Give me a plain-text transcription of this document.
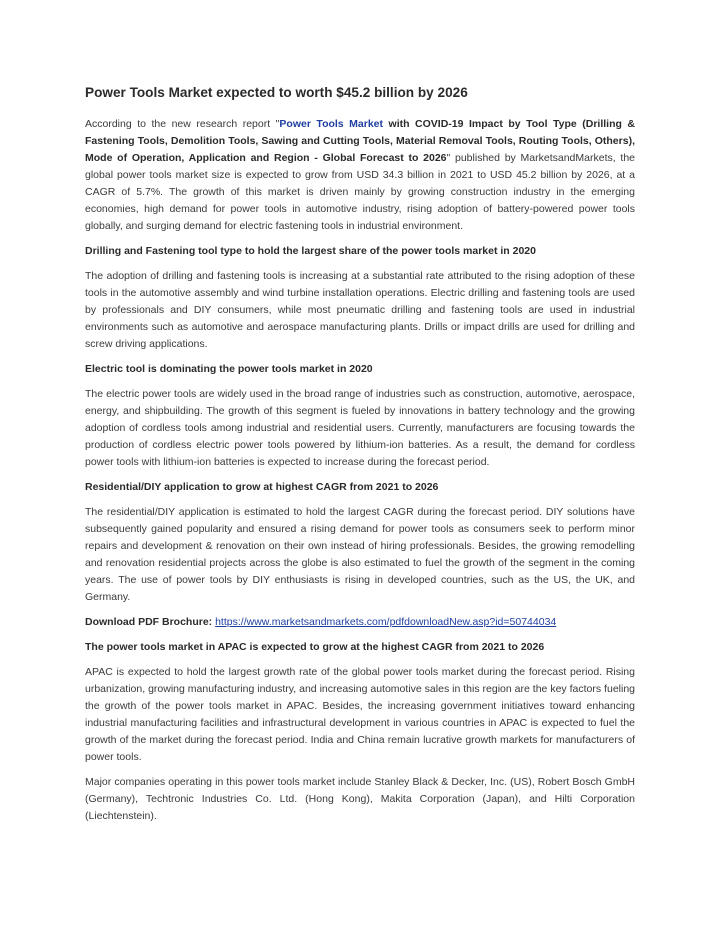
Power Tools Market expected to worth $45.2 billion by 2026

According to the new research report "Power Tools Market with COVID-19 Impact by Tool Type (Drilling & Fastening Tools, Demolition Tools, Sawing and Cutting Tools, Material Removal Tools, Routing Tools, Others), Mode of Operation, Application and Region - Global Forecast to 2026" published by MarketsandMarkets, the global power tools market size is expected to grow from USD 34.3 billion in 2021 to USD 45.2 billion by 2026, at a CAGR of 5.7%. The growth of this market is driven mainly by growing construction industry in the emerging economies, high demand for power tools in automotive industry, rising adoption of battery-powered power tools globally, and surging demand for electric fastening tools in industrial environment.

Drilling and Fastening tool type to hold the largest share of the power tools market in 2020

The adoption of drilling and fastening tools is increasing at a substantial rate attributed to the rising adoption of these tools in the automotive assembly and wind turbine installation operations. Electric drilling and fastening tools are used by professionals and DIY consumers, while most pneumatic drilling and fastening tools are used in industrial environments such as automotive and aerospace manufacturing plants. Drills or impact drills are used for drilling and screw driving applications.

Electric tool is dominating the power tools market in 2020

The electric power tools are widely used in the broad range of industries such as construction, automotive, aerospace, energy, and shipbuilding. The growth of this segment is fueled by innovations in battery technology and the growing adoption of cordless tools among industrial and residential users. Currently, manufacturers are focusing towards the production of cordless electric power tools powered by lithium-ion batteries. As a result, the demand for cordless power tools with lithium-ion batteries is expected to increase during the forecast period.

Residential/DIY application to grow at highest CAGR from 2021 to 2026

The residential/DIY application is estimated to hold the largest CAGR during the forecast period. DIY solutions have subsequently gained popularity and ensured a rising demand for power tools as consumers seek to perform minor repairs and development & renovation on their own instead of hiring professionals. Besides, the growing remodelling and renovation residential projects across the globe is also estimated to fuel the growth of the segment in the coming years. The use of power tools by DIY enthusiasts is rising in developed countries, such as the US, the UK, and Germany.

Download PDF Brochure: https://www.marketsandmarkets.com/pdfdownloadNew.asp?id=50744034

The power tools market in APAC is expected to grow at the highest CAGR from 2021 to 2026

APAC is expected to hold the largest growth rate of the global power tools market during the forecast period. Rising urbanization, growing manufacturing industry, and increasing automotive sales in this region are the key factors fueling the growth of the power tools market in APAC. Besides, the increasing government initiatives toward enhancing industrial manufacturing facilities and infrastructural development in various countries in APAC is expected to fuel the growth of the market during the forecast period. India and China remain lucrative growth markets for manufacturers of power tools.

Major companies operating in this power tools market include Stanley Black & Decker, Inc. (US), Robert Bosch GmbH (Germany), Techtronic Industries Co. Ltd. (Hong Kong), Makita Corporation (Japan), and Hilti Corporation (Liechtenstein).
